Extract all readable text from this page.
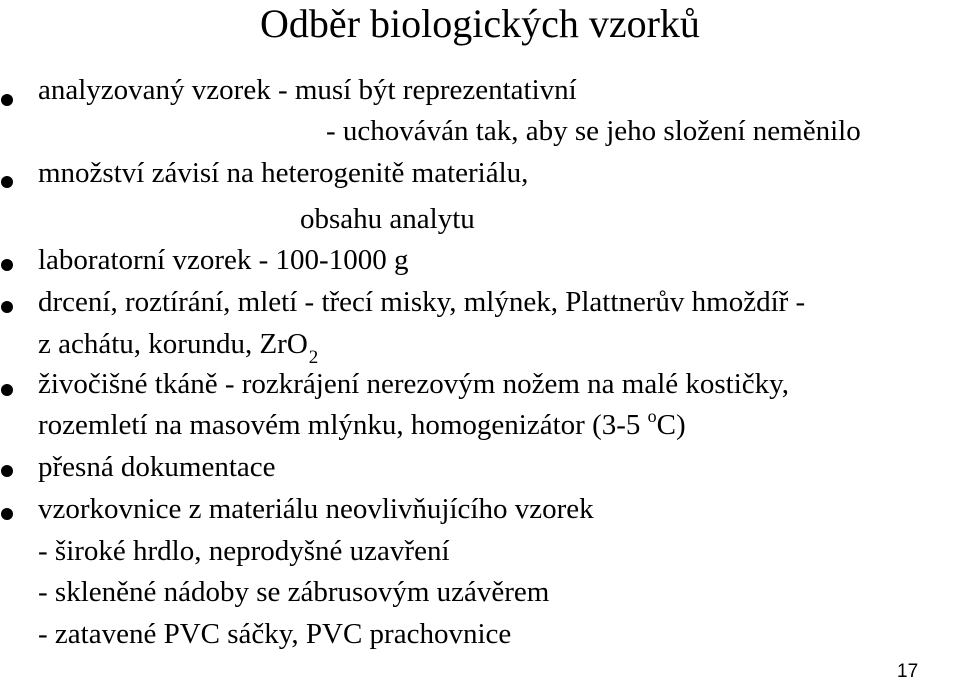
Odběr biologických vzorků
analyzovaný vzorek - musí být reprezentativní
- uchováván tak, aby se jeho složení neměnilo
množství závisí na heterogenitě materiálu,
obsahu analytu
laboratorní vzorek - 100-1000 g
drcení, roztírání, mletí - třecí misky, mlýnek, Plattnerův hmoždíř -
z achátu, korundu, ZrO$_2$
živočišné tkáně - rozkrájení nerezovým nožem na malé kostičky,
rozemletí na masovém mlýnku, homogenizátor (3-5 $^o$C)
přesná dokumentace
vzorkovnice z materiálu neovlivňujícího vzorek
- široké hrdlo, neprodyšné uzavření
- skleněné nádoby se zábrusovým uzávěrem
- zatavené PVC sáčky, PVC prachovnice
17
